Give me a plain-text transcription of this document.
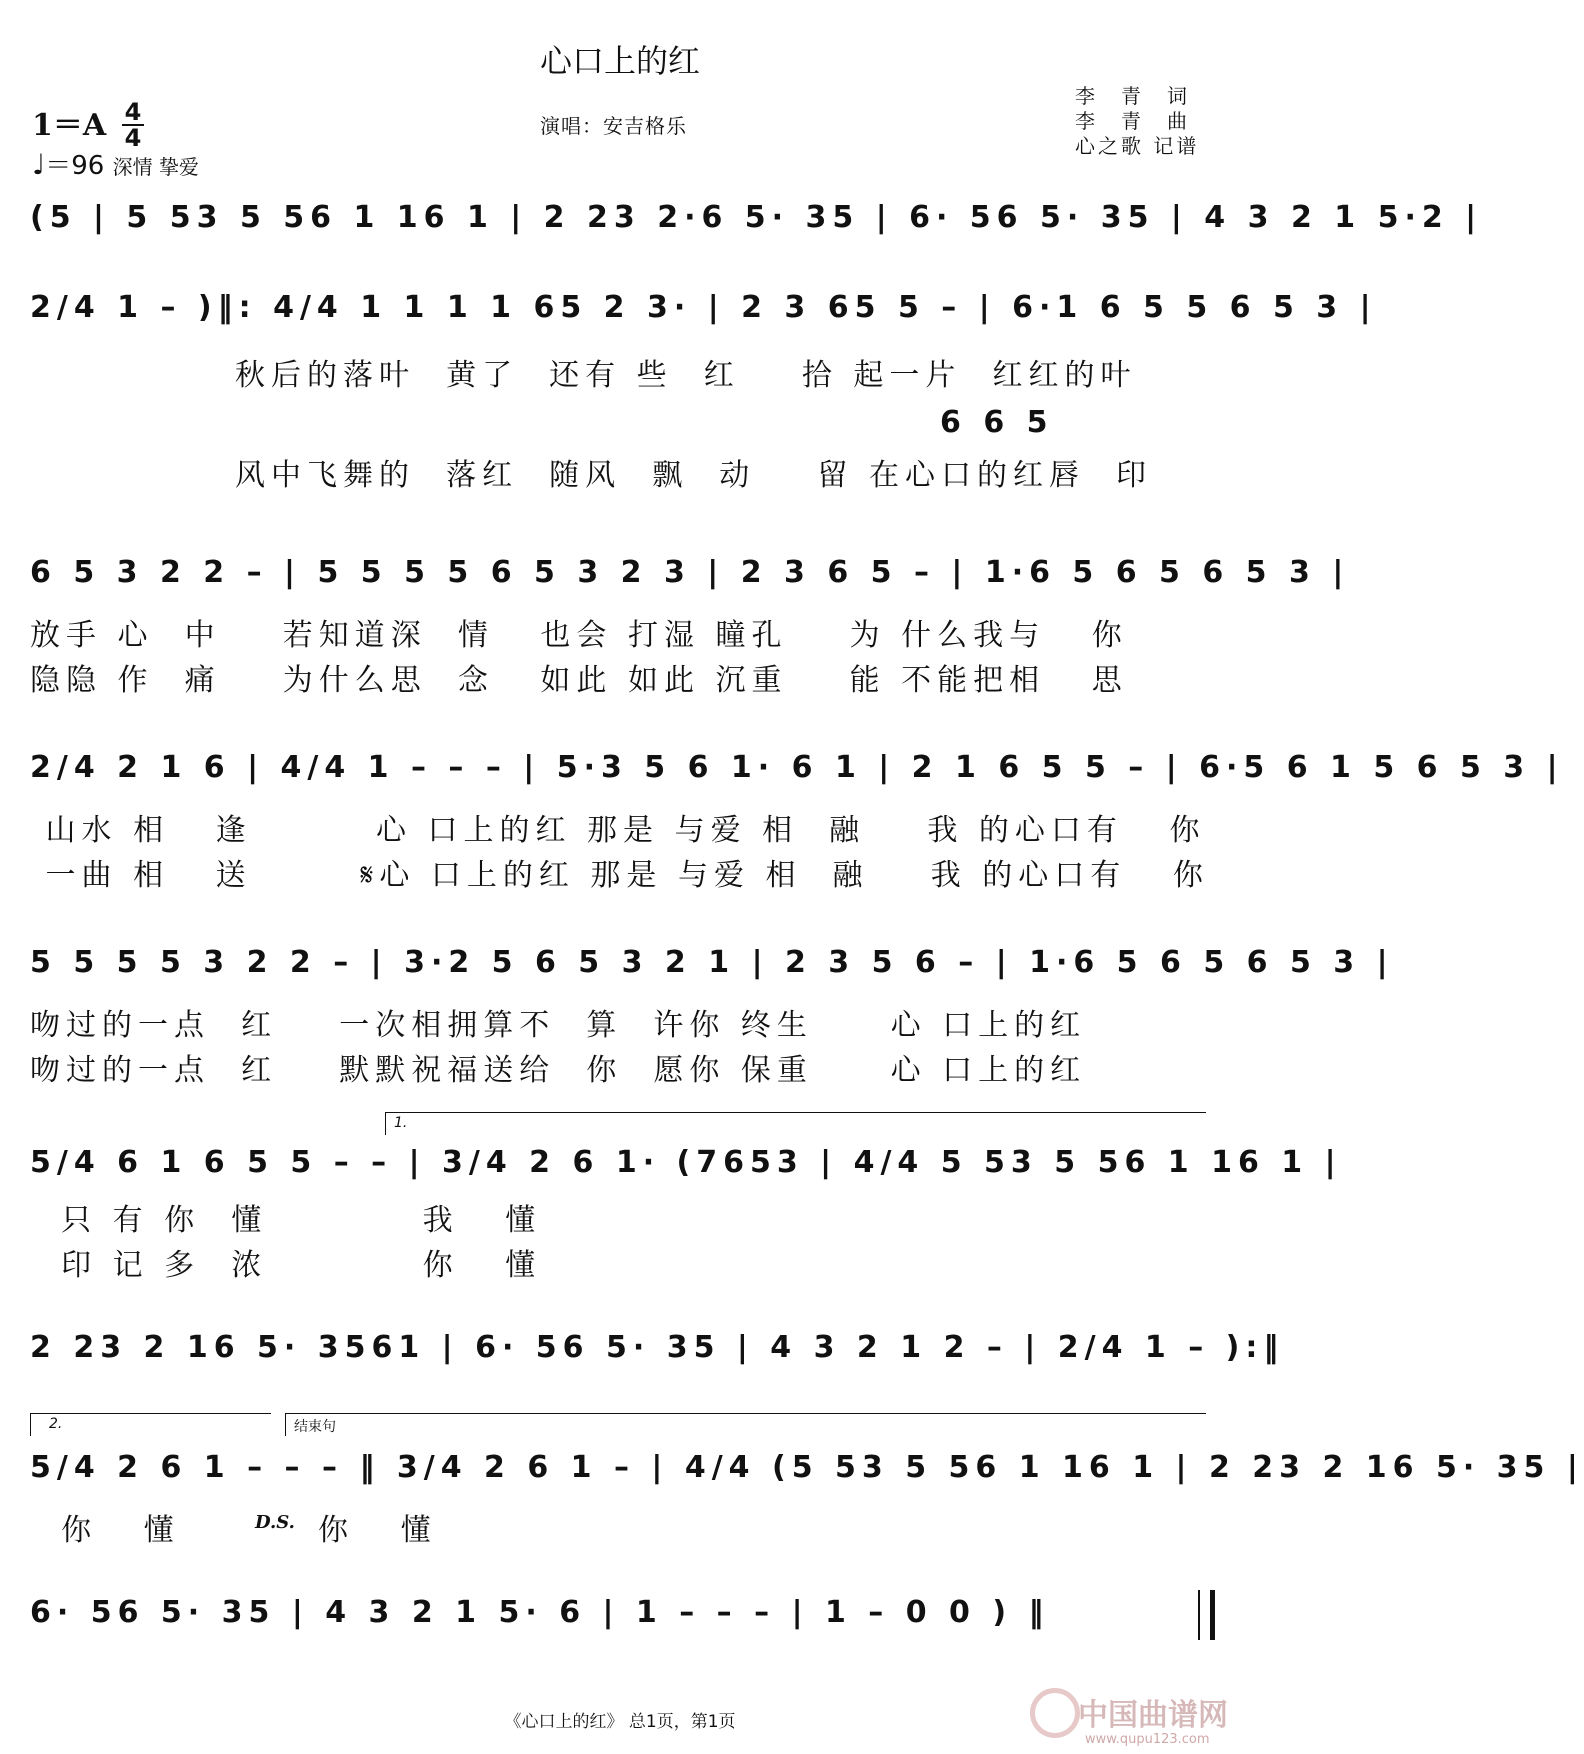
心口上的红
演唱：安吉格乐
李　青　词
李　青　曲
心之歌 记谱
1＝A 4
4
♩＝96 深情 挚爱
(5 | 5 53 5 56 1 16 1 | 2 23 2·6 5· 35 | 6· 56 5· 35 | 4 3 2 1 5·2 |
2/4 1 – )‖: 4/4 1 1 1 1 65 2 3· | 2 3 65 5 – | 6·1 6 5 5 6 5 3 |
秋后的落叶  黄了  还有 些  红    拾 起一片  红红的叶
6 6 5
风中飞舞的  落红  随风  飘  动    留 在心口的红唇  印
6 5 3 2 2 – | 5 5 5 5 6 5 3 2 3 | 2 3 6 5 – | 1·6 5 6 5 6 5 3 |
放手 心  中    若知道深  情   也会 打湿 瞳孔    为 什么我与   你
隐隐 作  痛    为什么思  念   如此 如此 沉重    能 不能把相   思
2/4 2 1 6 | 4/4 1 – – – | 5·3 5 6 1· 6 1 | 2 1 6 5 5 – | 6·5 6 1 5 6 5 3 |
山水 相   逢        心 口上的红 那是 与爱 相  融    我 的心口有   你
一曲 相   送       𝄋心 口上的红 那是 与爱 相  融    我 的心口有   你
5 5 5 5 3 2 2 – | 3·2 5 6 5 3 2 1 | 2 3 5 6 – | 1·6 5 6 5 6 5 3 |
吻过的一点  红    一次相拥算不  算  许你 终生     心 口上的红
吻过的一点  红    默默祝福送给  你  愿你 保重     心 口上的红
1.
5/4 6 1 6 5 5 – – | 3/4 2 6 1· (7653 | 4/4 5 53 5 56 1 16 1 |
只 有 你  懂          我   懂
印 记 多  浓          你   懂
2 23 2 16 5· 3561 | 6· 56 5· 35 | 4 3 2 1 2 – | 2/4 1 – ):‖
2.	结束句
5/4 2 6 1 – – – ‖ 3/4 2 6 1 – | 4/4 (5 53 5 56 1 16 1 | 2 23 2 16 5· 35 |
你   懂	D.S. 你   懂
6· 56 5· 35 | 4 3 2 1 5· 6 | 1 – – – | 1 – 0 0 ) ‖
《心口上的红》 总1页，第1页	中国曲谱网
www.qupu123.com
